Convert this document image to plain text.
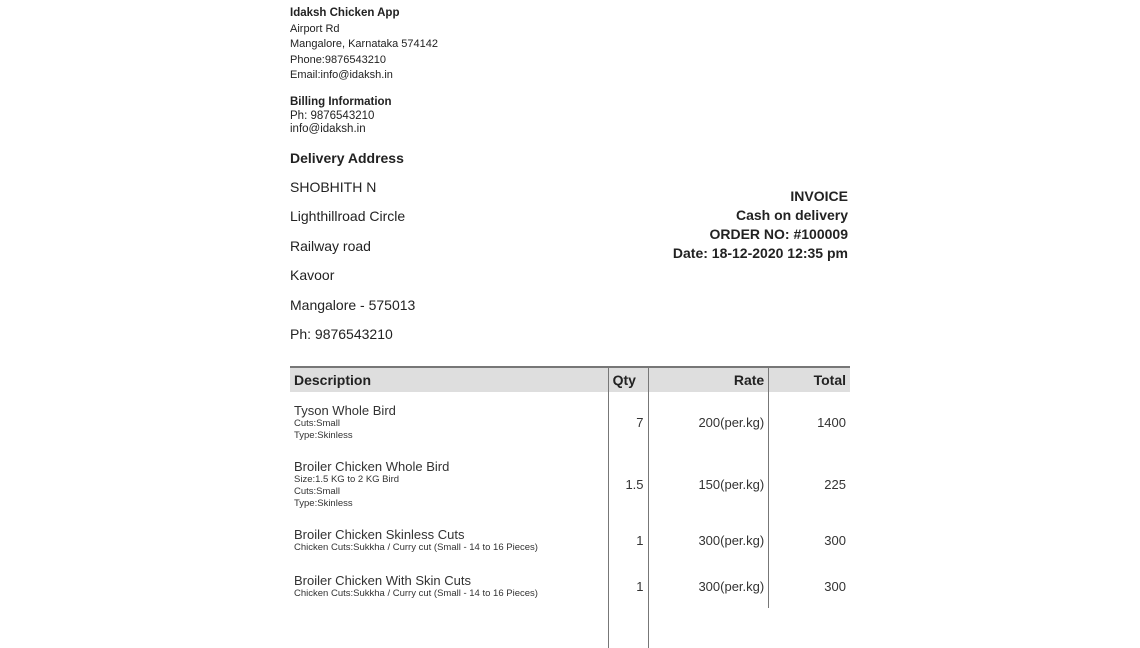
Idaksh Chicken App
Airport Rd
Mangalore, Karnataka 574142
Phone:9876543210
Email:info@idaksh.in
Billing Information
Ph: 9876543210
info@idaksh.in
Delivery Address
SHOBHITH N
Lighthillroad Circle
Railway road
Kavoor
Mangalore - 575013
Ph: 9876543210
INVOICE
Cash on delivery
ORDER NO: #100009
Date: 18-12-2020 12:35 pm
Description	Qty	Rate	Total

Tyson Whole Bird
Cuts:Small
Type:Skinless	7	200(per.kg)	1400

Broiler Chicken Whole Bird
Size:1.5 KG to 2 KG Bird
Cuts:Small
Type:Skinless	1.5	150(per.kg)	225

Broiler Chicken Skinless Cuts
Chicken Cuts:Sukkha / Curry cut (Small - 14 to 16 Pieces)	1	300(per.kg)	300

Broiler Chicken With Skin Cuts
Chicken Cuts:Sukkha / Curry cut (Small - 14 to 16 Pieces)	1	300(per.kg)	300
